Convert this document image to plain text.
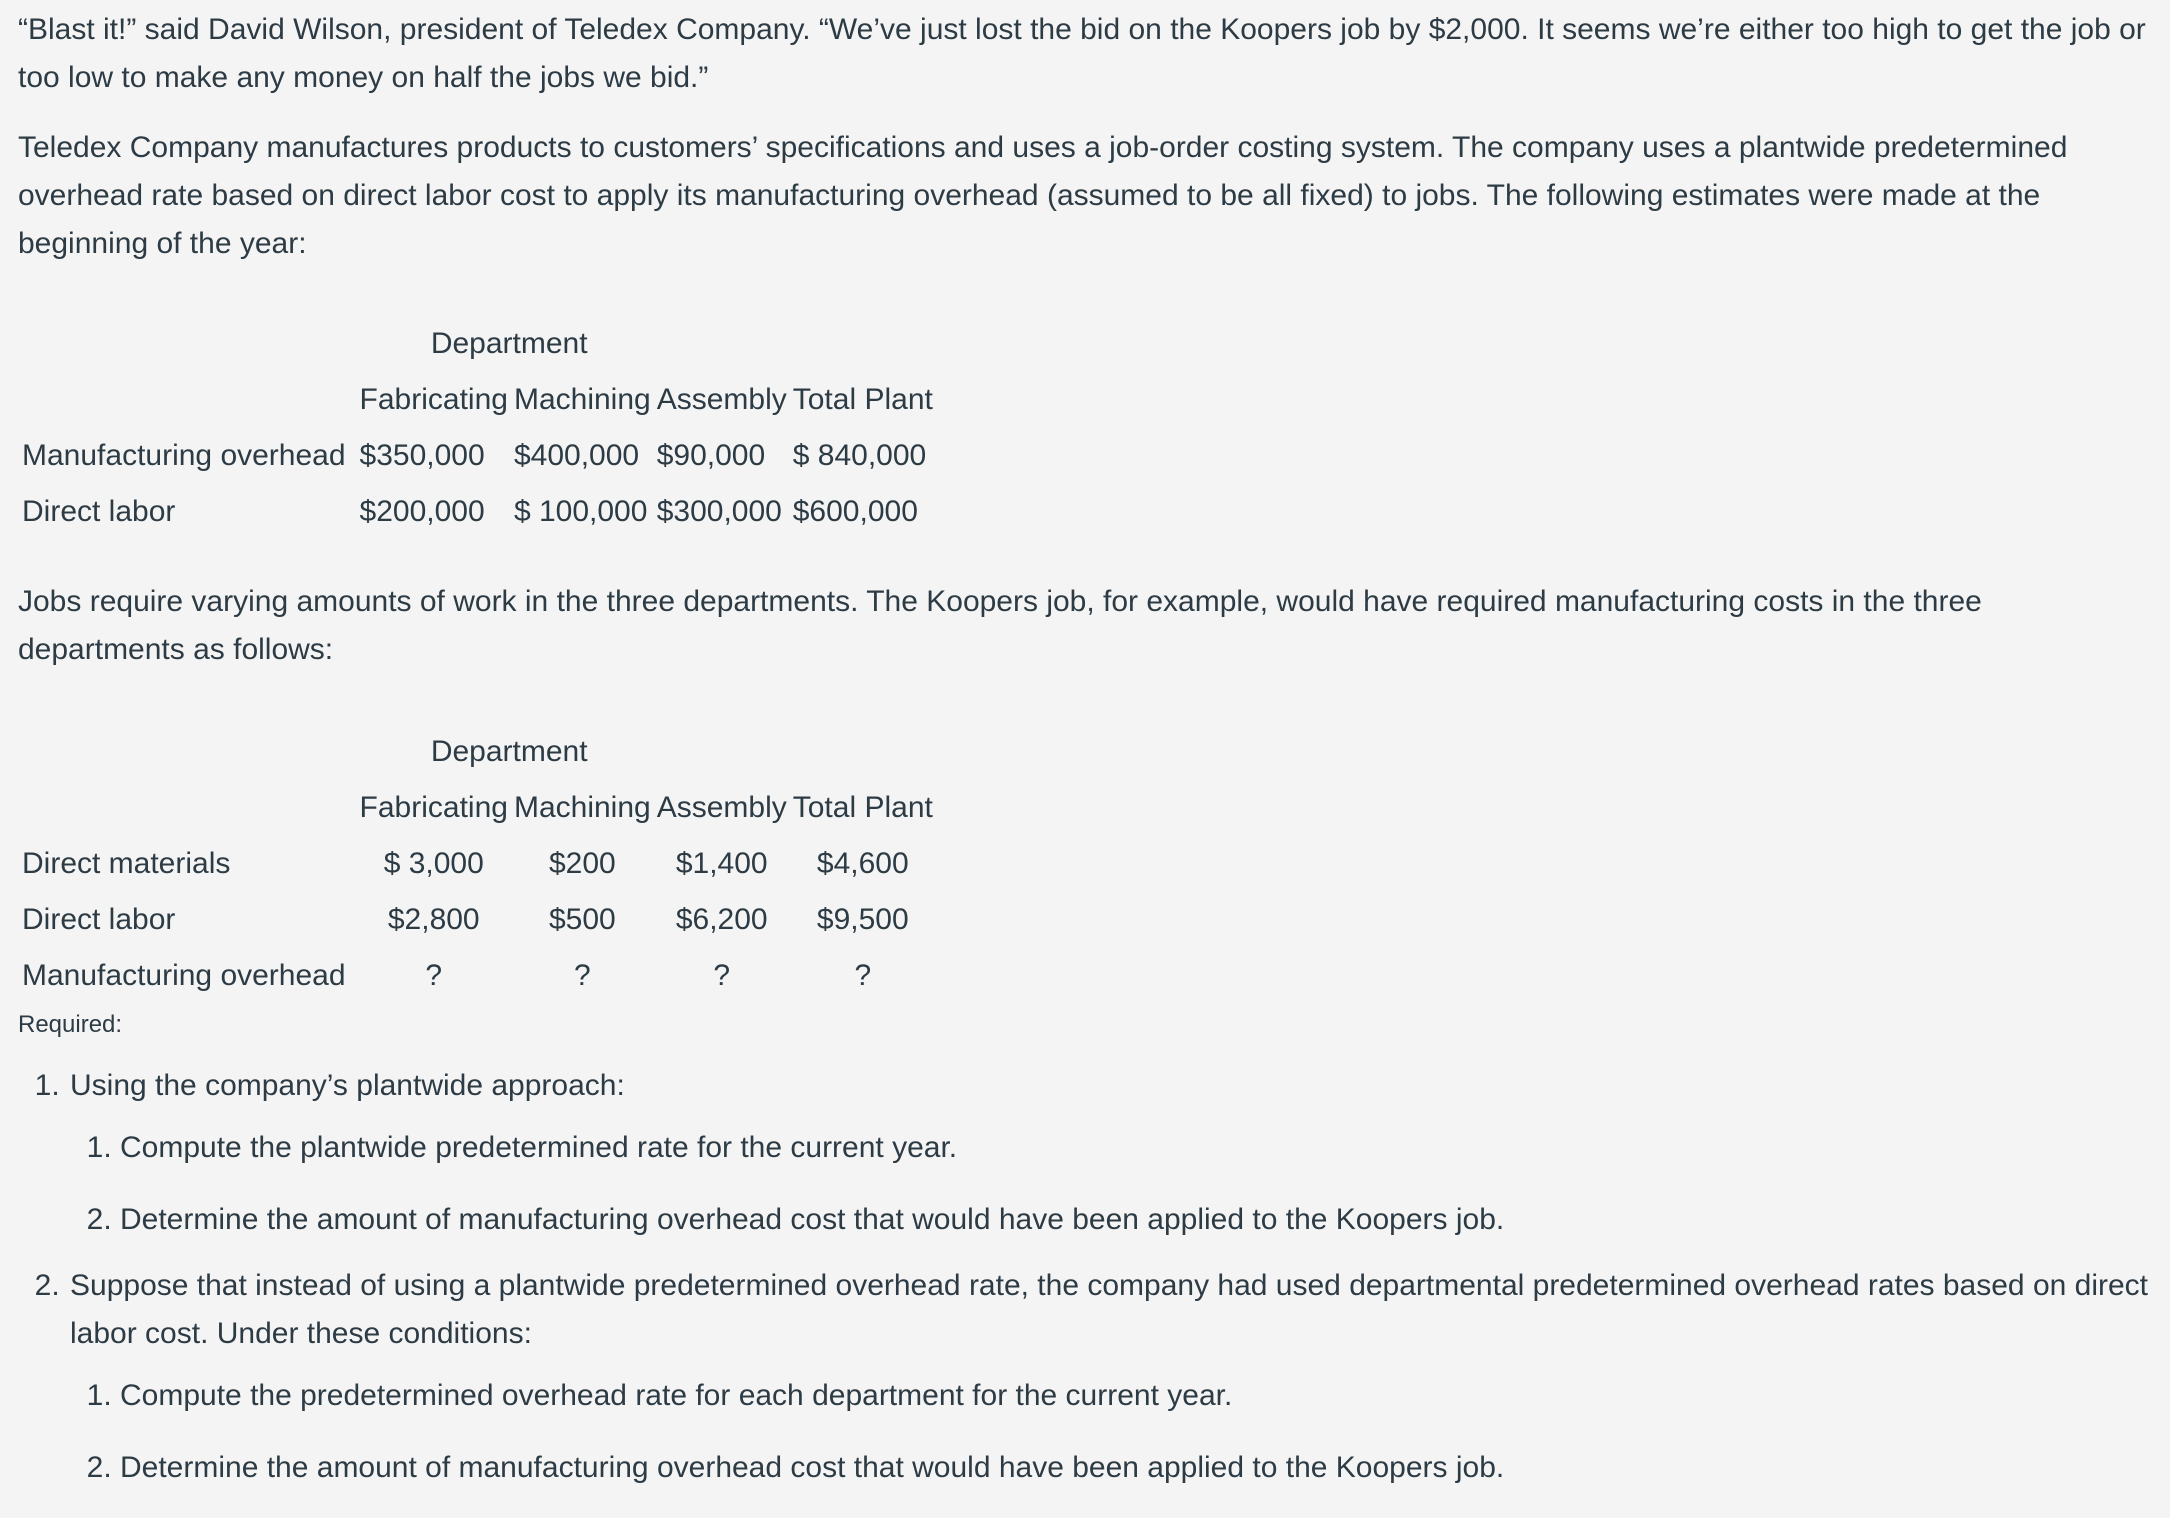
“Blast it!” said David Wilson, president of Teledex Company. “We’ve just lost the bid on the Koopers job by $2,000. It seems we’re either too high to get the job or too low to make any money on half the jobs we bid.”

Teledex Company manufactures products to customers’ specifications and uses a job-order costing system. The company uses a plantwide predetermined overhead rate based on direct labor cost to apply its manufacturing overhead (assumed to be all fixed) to jobs. The following estimates were made at the beginning of the year:

	Department			
	Fabricating	Machining	Assembly	Total Plant
Manufacturing overhead	$350,000	$400,000	$90,000	$ 840,000
Direct labor	$200,000	$ 100,000	$300,000	$600,000

Jobs require varying amounts of work in the three departments. The Koopers job, for example, would have required manufacturing costs in the three departments as follows:

	Department			
	Fabricating	Machining	Assembly	Total Plant
Direct materials	$ 3,000	$200	$1,400	$4,600
Direct labor	$2,800	$500	$6,200	$9,500
Manufacturing overhead	?	?	?	?
Required:
1. Using the company’s plantwide approach:
1. Compute the plantwide predetermined rate for the current year.
2. Determine the amount of manufacturing overhead cost that would have been applied to the Koopers job.
2. Suppose that instead of using a plantwide predetermined overhead rate, the company had used departmental predetermined overhead rates based on direct labor cost. Under these conditions:
1. Compute the predetermined overhead rate for each department for the current year.
2. Determine the amount of manufacturing overhead cost that would have been applied to the Koopers job.
